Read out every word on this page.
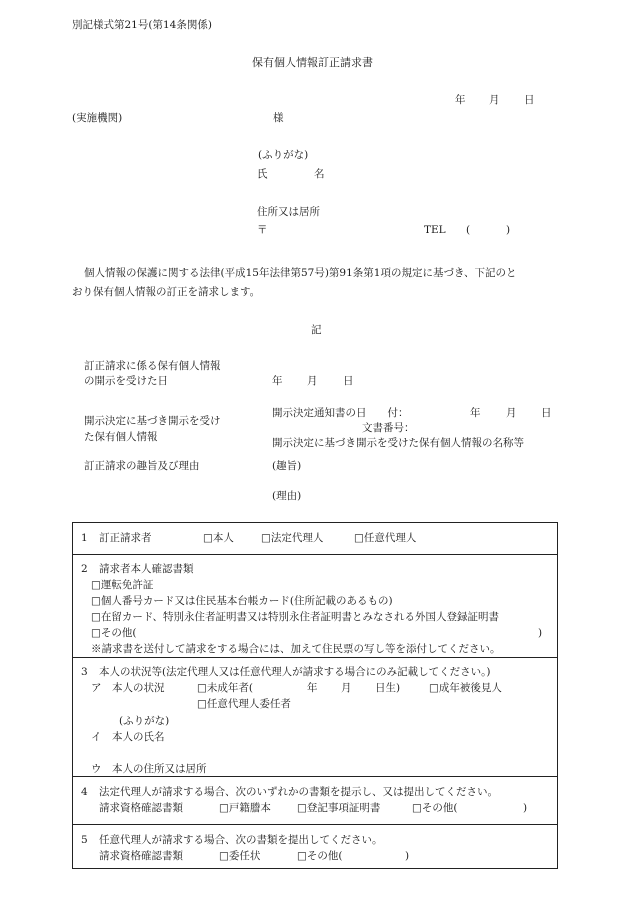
別記様式第21号(第14条関係)
保有個人情報訂正請求書
年 月 日
(実施機関)	様
(ふりがな)
氏	名
住所又は居所
〒	TEL (	)
個人情報の保護に関する法律(平成15年法律第57号)第91条第1項の規定に基づき、下記のと
おり保有個人情報の訂正を請求します。
記
訂正請求に係る保有個人情報
の開示を受けた日	年 月 日
開示決定に基づき開示を受け
た保有個人情報
開示決定通知書の日　　付：	年 月 日
文書番号：
開示決定に基づき開示を受けた保有個人情報の名称等
訂正請求の趣旨及び理由	(趣旨)
(理由)
1 訂正請求者	□本人	□法定代理人	□任意代理人
2 請求者本人確認書類
□運転免許証
□個人番号カード又は住民基本台帳カード(住所記載のあるもの)
□在留カード、特別永住者証明書又は特別永住者証明書とみなされる外国人登録証明書
□その他(	)
※請求書を送付して請求をする場合には、加えて住民票の写し等を添付してください。
3 本人の状況等(法定代理人又は任意代理人が請求する場合にのみ記載してください。)
ア　本人の状況	□未成年者(	年 月 日生)	□成年被後見人
□任意代理人委任者
(ふりがな)
イ　本人の氏名
ウ　本人の住所又は居所
4 法定代理人が請求する場合、次のいずれかの書類を提示し、又は提出してください。
請求資格確認書類	□戸籍謄本 □登記事項証明書	□その他(	)
5 任意代理人が請求する場合、次の書類を提出してください。
請求資格確認書類	□委任状	□その他(	)
